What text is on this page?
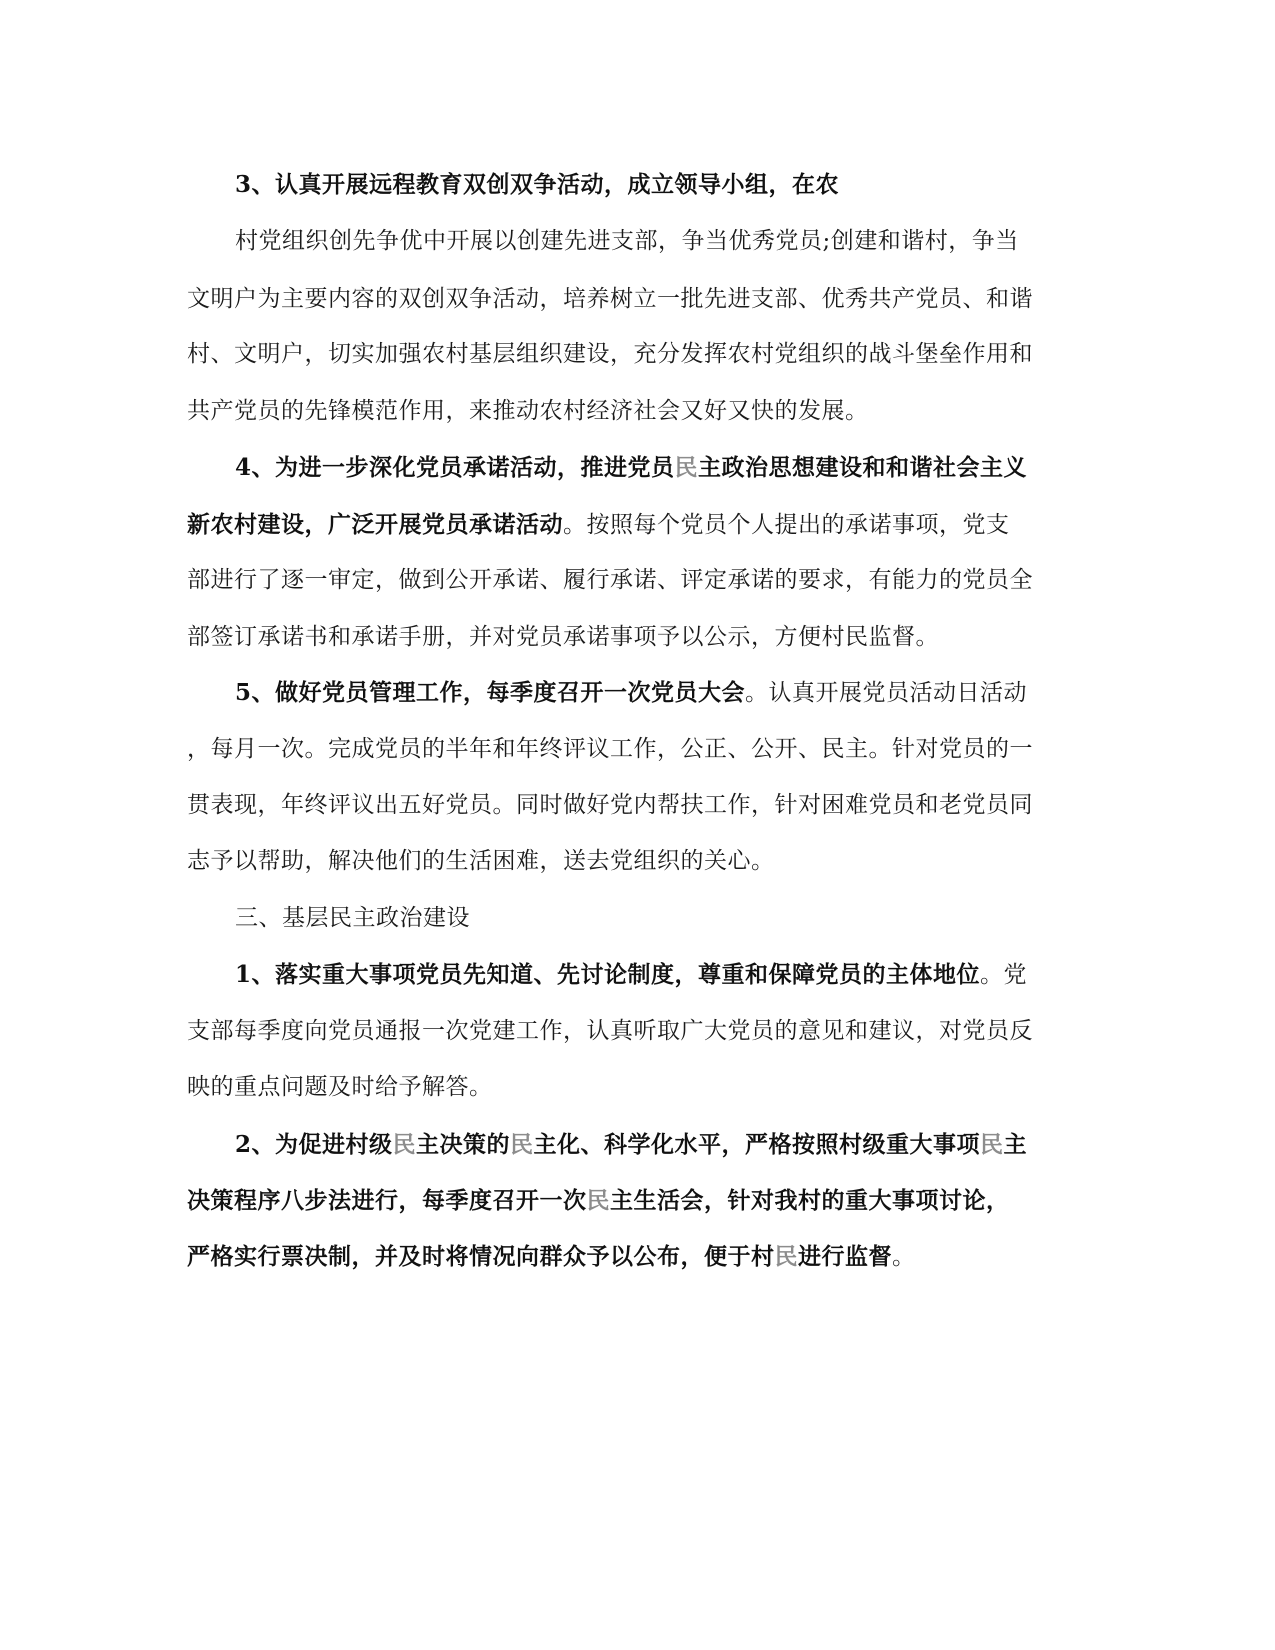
3、认真开展远程教育双创双争活动，成立领导小组，在农
村党组织创先争优中开展以创建先进支部，争当优秀党员;创建和谐村，争当
文明户为主要内容的双创双争活动，培养树立一批先进支部、优秀共产党员、和谐
村、文明户，切实加强农村基层组织建设，充分发挥农村党组织的战斗堡垒作用和
共产党员的先锋模范作用，来推动农村经济社会又好又快的发展。
4、为进一步深化党员承诺活动，推进党员民主政治思想建设和和谐社会主义
新农村建设，广泛开展党员承诺活动。按照每个党员个人提出的承诺事项，党支
部进行了逐一审定，做到公开承诺、履行承诺、评定承诺的要求，有能力的党员全
部签订承诺书和承诺手册，并对党员承诺事项予以公示，方便村民监督。
5、做好党员管理工作，每季度召开一次党员大会。认真开展党员活动日活动
，每月一次。完成党员的半年和年终评议工作，公正、公开、民主。针对党员的一
贯表现，年终评议出五好党员。同时做好党内帮扶工作，针对困难党员和老党员同
志予以帮助，解决他们的生活困难，送去党组织的关心。
三、基层民主政治建设
1、落实重大事项党员先知道、先讨论制度，尊重和保障党员的主体地位。党
支部每季度向党员通报一次党建工作，认真听取广大党员的意见和建议，对党员反
映的重点问题及时给予解答。
2、为促进村级民主决策的民主化、科学化水平，严格按照村级重大事项民主
决策程序八步法进行，每季度召开一次民主生活会，针对我村的重大事项讨论，
严格实行票决制，并及时将情况向群众予以公布，便于村民进行监督。
